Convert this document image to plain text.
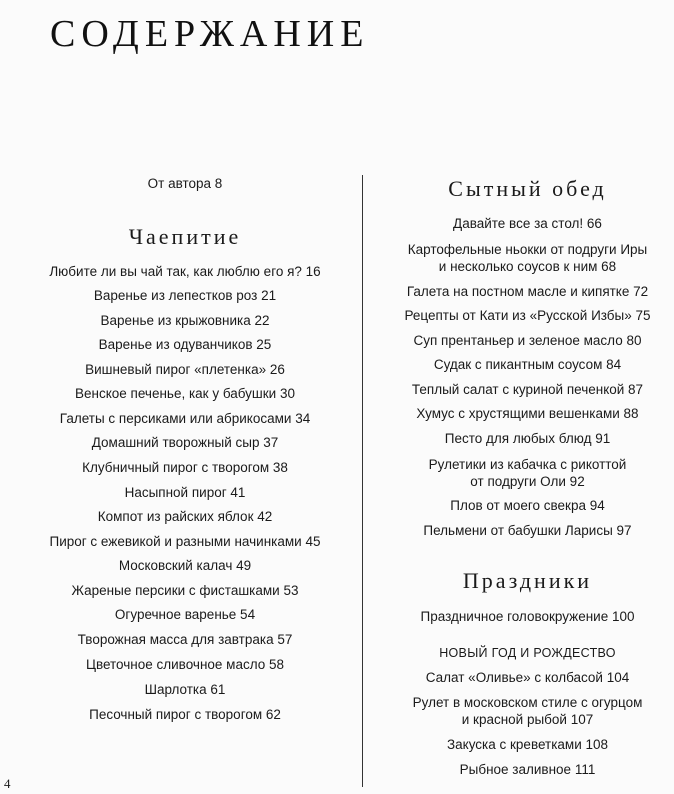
СОДЕРЖАНИЕ
От автора 8
Чаепитие
Любите ли вы чай так, как люблю его я? 16
Варенье из лепестков роз 21
Варенье из крыжовника 22
Варенье из одуванчиков 25
Вишневый пирог «плетенка» 26
Венское печенье, как у бабушки 30
Галеты с персиками или абрикосами 34
Домашний творожный сыр 37
Клубничный пирог с творогом 38
Насыпной пирог 41
Компот из райских яблок 42
Пирог с ежевикой и разными начинками 45
Московский калач 49
Жареные персики с фисташками 53
Огуречное варенье 54
Творожная масса для завтрака 57
Цветочное сливочное масло 58
Шарлотка 61
Песочный пирог с творогом 62
Сытный обед
Давайте все за стол! 66
Картофельные ньокки от подруги Иры
и несколько соусов к ним 68
Галета на постном масле и кипятке 72
Рецепты от Кати из «Русской Избы» 75
Суп прентаньер и зеленое масло 80
Судак с пикантным соусом 84
Теплый салат с куриной печенкой 87
Хумус с хрустящими вешенками 88
Песто для любых блюд 91
Рулетики из кабачка с рикоттой
от подруги Оли 92
Плов от моего свекра 94
Пельмени от бабушки Ларисы 97
Праздники
Праздничное головокружение 100
НОВЫЙ ГОД И РОЖДЕСТВО
Салат «Оливье» с колбасой 104
Рулет в московском стиле с огурцом
и красной рыбой 107
Закуска с креветками 108
Рыбное заливное 111
4
